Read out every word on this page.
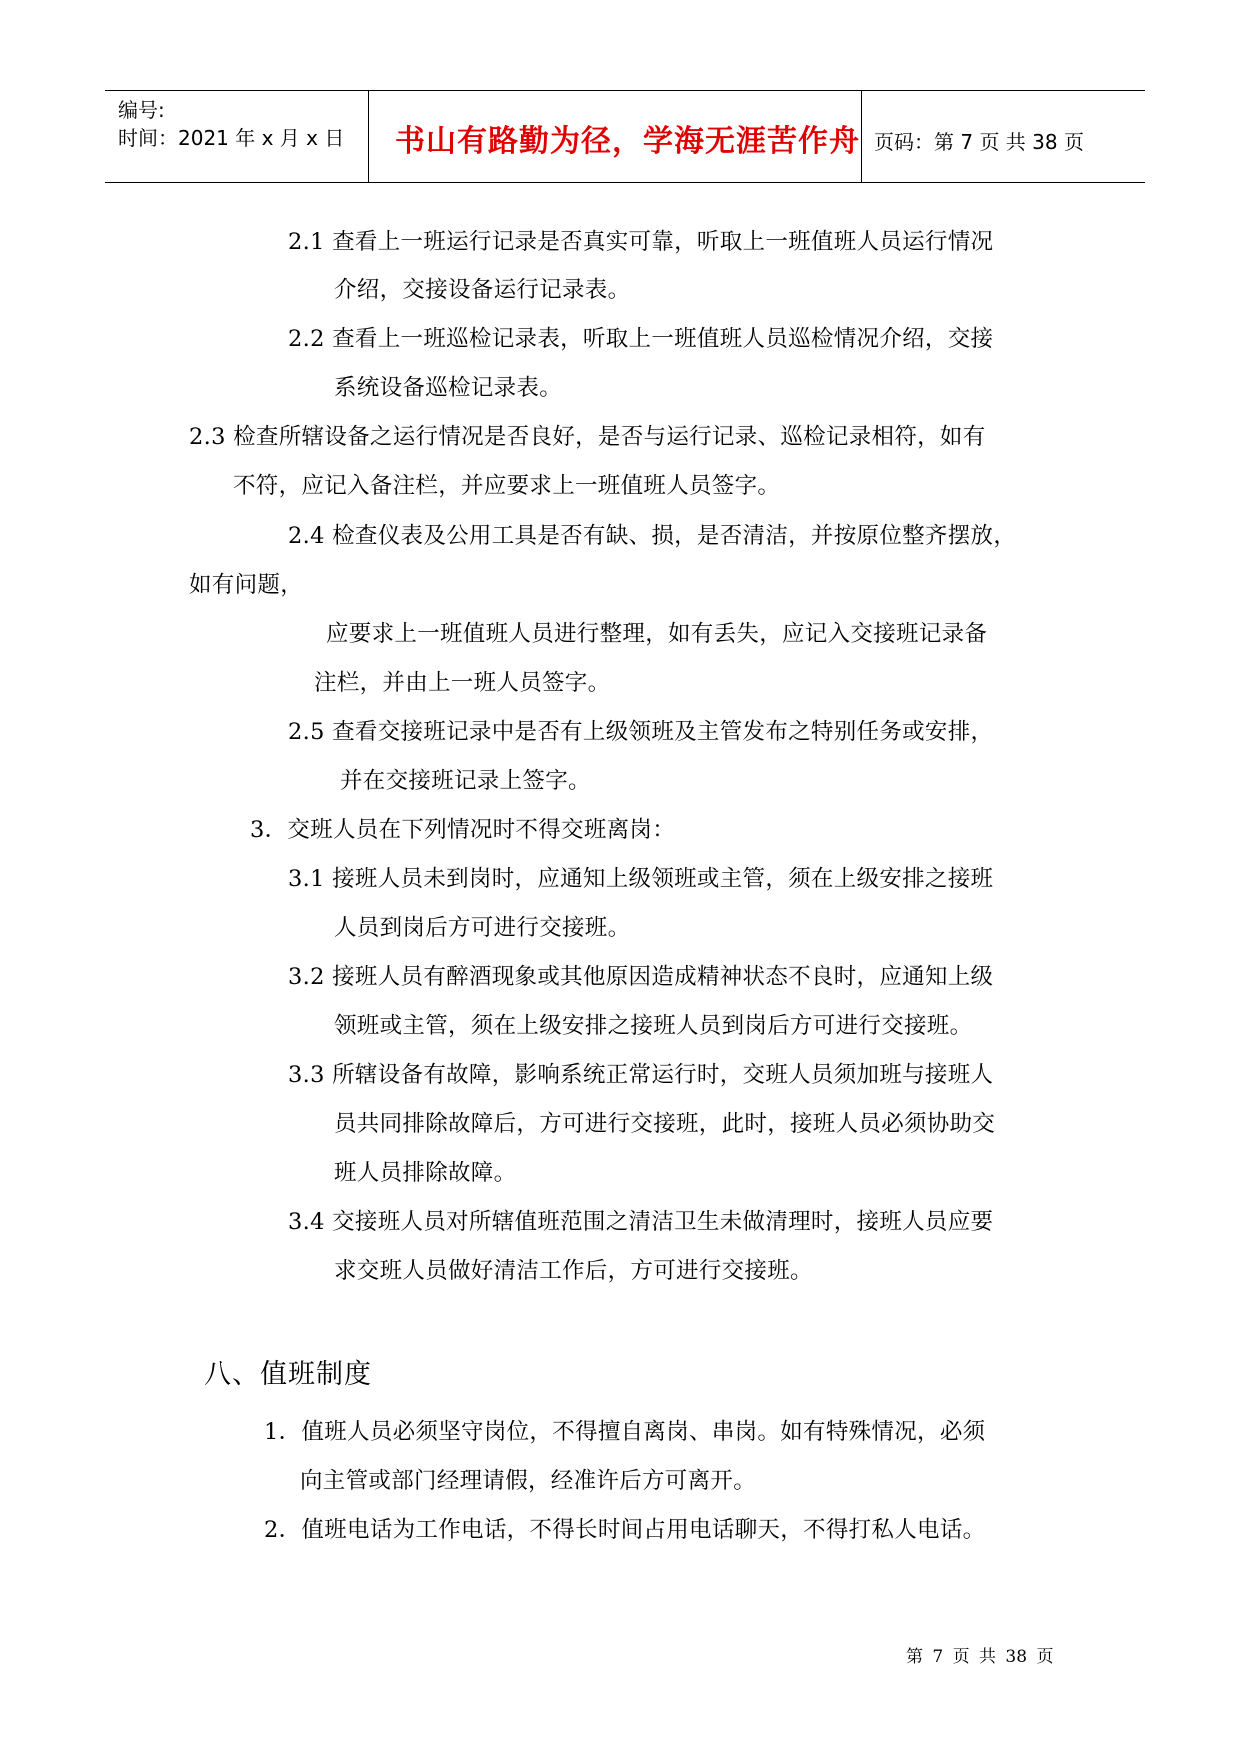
编号:
时间：2021 年 x 月 x 日 书山有路勤为径，学海无涯苦作舟 页码：第 7 页 共 38 页
2.1 查看上一班运行记录是否真实可靠，听取上一班值班人员运行情况
介绍，交接设备运行记录表。
2.2 查看上一班巡检记录表，听取上一班值班人员巡检情况介绍，交接
系统设备巡检记录表。
2.3 检查所辖设备之运行情况是否良好，是否与运行记录、巡检记录相符，如有
不符，应记入备注栏，并应要求上一班值班人员签字。
2.4 检查仪表及公用工具是否有缺、损，是否清洁，并按原位整齐摆放，
如有问题，
应要求上一班值班人员进行整理，如有丢失，应记入交接班记录备
注栏，并由上一班人员签字。
2.5 查看交接班记录中是否有上级领班及主管发布之特别任务或安排，
并在交接班记录上签字。
3．交班人员在下列情况时不得交班离岗：
3.1 接班人员未到岗时，应通知上级领班或主管，须在上级安排之接班
人员到岗后方可进行交接班。
3.2 接班人员有醉酒现象或其他原因造成精神状态不良时，应通知上级
领班或主管，须在上级安排之接班人员到岗后方可进行交接班。
3.3 所辖设备有故障，影响系统正常运行时，交班人员须加班与接班人
员共同排除故障后，方可进行交接班，此时，接班人员必须协助交
班人员排除故障。
3.4 交接班人员对所辖值班范围之清洁卫生未做清理时，接班人员应要
求交班人员做好清洁工作后，方可进行交接班。
八、值班制度
1．值班人员必须坚守岗位，不得擅自离岗、串岗。如有特殊情况，必须
向主管或部门经理请假，经准许后方可离开。
2．值班电话为工作电话，不得长时间占用电话聊天，不得打私人电话。
第 7 页 共 38 页
